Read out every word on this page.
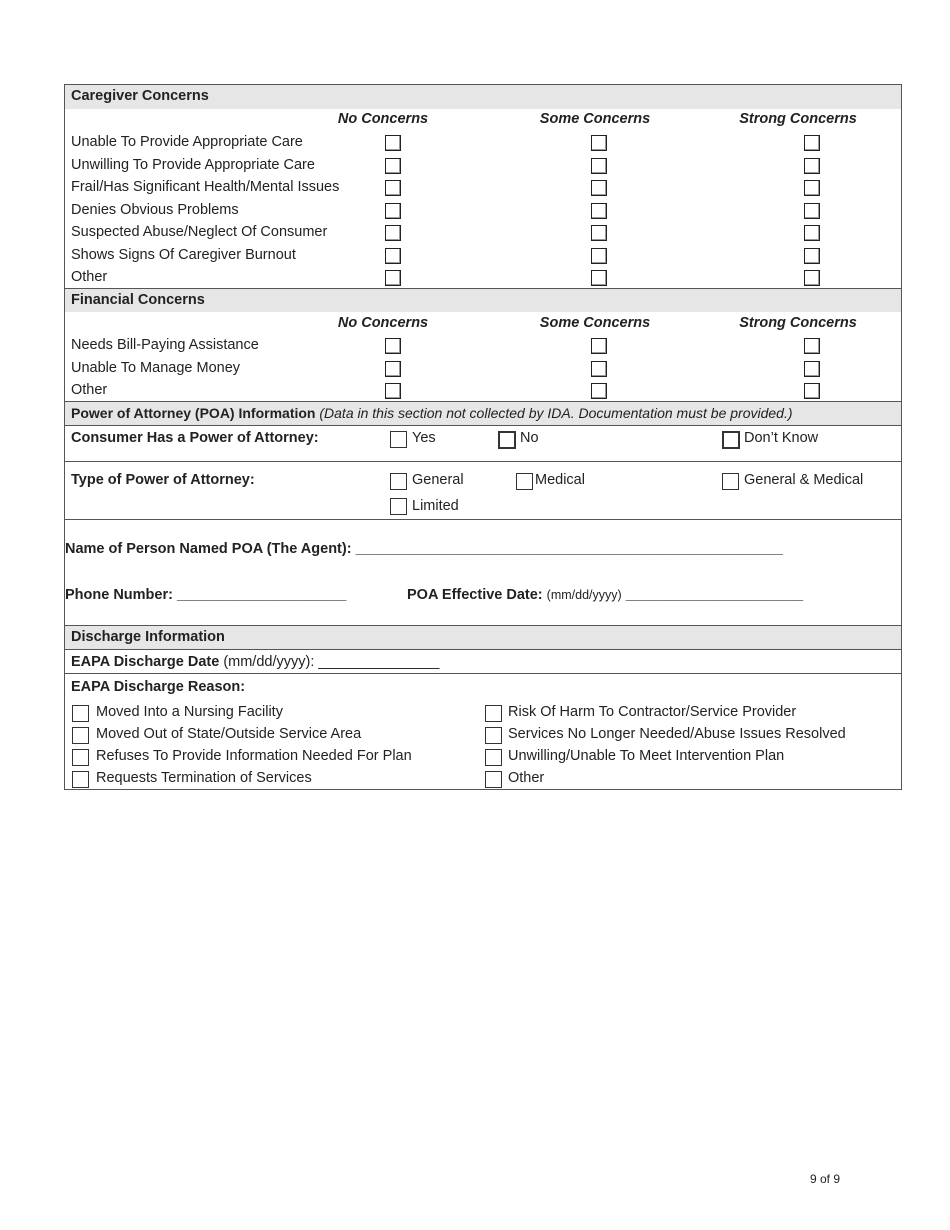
Caregiver Concerns
No Concerns	Some Concerns	Strong Concerns
Unable To Provide Appropriate Care
Unwilling To Provide Appropriate Care
Frail/Has Significant Health/Mental Issues
Denies Obvious Problems
Suspected Abuse/Neglect Of Consumer
Shows Signs Of Caregiver Burnout
Other
Financial Concerns
No Concerns	Some Concerns	Strong Concerns
Needs Bill-Paying Assistance
Unable To Manage Money
Other
Power of Attorney (POA) Information (Data in this section not collected by IDA. Documentation must be provided.)
Consumer Has a Power of Attorney:	Yes	No	Don’t Know
Type of Power of Attorney:	General	Medical	General & Medical
Limited
Name of Person Named POA (The Agent): _____________________________________________________
Phone Number: _____________________	POA Effective Date: (mm/dd/yyyy) ______________________
Discharge Information
EAPA Discharge Date (mm/dd/yyyy): _______________
EAPA Discharge Reason:
Moved Into a Nursing Facility
Moved Out of State/Outside Service Area
Refuses To Provide Information Needed For Plan
Requests Termination of Services
Risk Of Harm To Contractor/Service Provider
Services No Longer Needed/Abuse Issues Resolved
Unwilling/Unable To Meet Intervention Plan
Other
9 of 9
